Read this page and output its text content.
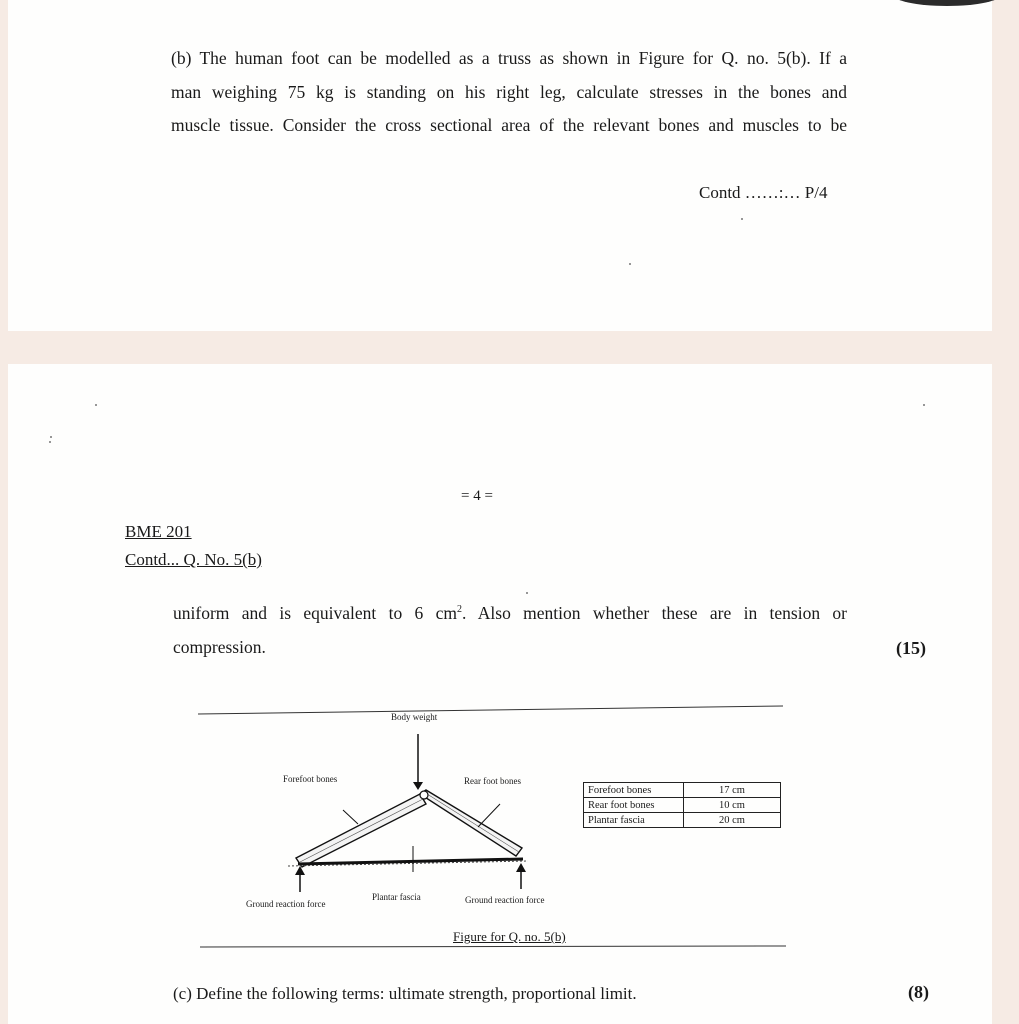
(b) The human foot can be modelled as a truss as shown in Figure for Q. no. 5(b). If a
man weighing 75 kg is standing on his right leg, calculate stresses in the bones and
muscle tissue. Consider the cross sectional area of the relevant bones and muscles to be

Contd ……:… P/4
= 4 =
BME 201
Contd... Q. No. 5(b)

uniform and is equivalent to 6 $cm^2$. Also mention whether these are in tension or
compression.	(15)
Body weight
Forefoot bones	Rear foot bones
Ground reaction force
Plantar fascia	Ground reaction force
Forefoot bones	17 cm
Rear foot bones	10 cm
Plantar fascia	20 cm
Figure for Q. no. 5(b)
(c) Define the following terms: ultimate strength, proportional limit.	(8)
